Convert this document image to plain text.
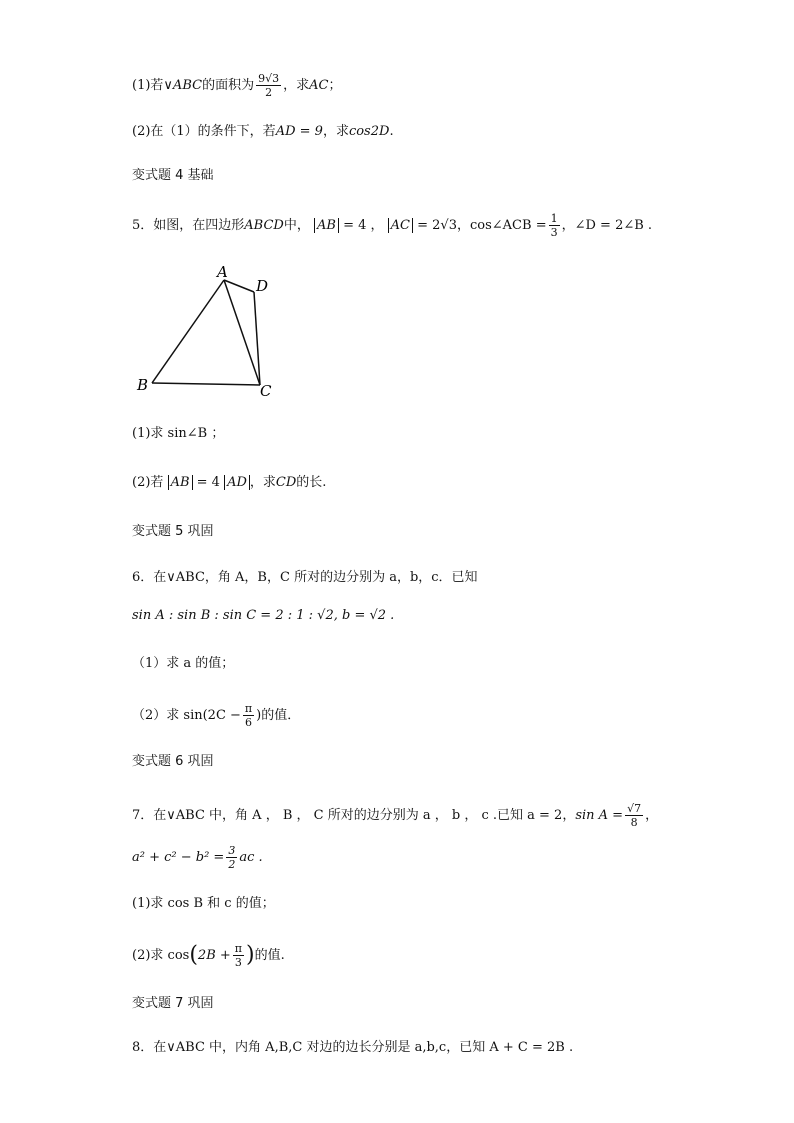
(1)若∨ABC的面积为 $\frac{9√3}{2}$ ，求AC；
(2)在（1）的条件下，若AD = 9，求cos2D.
变式题 4 基础
5．如图，在四边形ABCD中， AB = 4 ， AC = 2√3，cos∠ACB = $\frac{1}{3}$ ，∠D = 2∠B .
A
B	C
D
(1)求 sin∠B ；
(2)若 AB = 4 AD ，求CD的长.
变式题 5 巩固
6．在∨ABC，角 A，B，C 所对的边分别为 a，b，c．已知
sin A : sin B : sin C = 2 : 1 : √2, b = √2 .
（1）求 a 的值；
（2）求 $\sin(2C - \frac{\pi}{6}$ )的值．
变式题 6 巩固
7．在∨ABC 中，角 A ， B ， C 所对的边分别为 a ， b ， c .已知 a = 2，$\sin A = \frac{√7}{8}$ ，
$a^2 + c^2 - b^2 = \frac{3}{2}$ ac .
(1)求 cos B 和 c 的值；
(2)求 $\cos(2B + \frac{\pi}{3}$ )的值.
变式题 7 巩固
8．在∨ABC 中，内角 A,B,C 对边的边长分别是 a,b,c，已知 A + C = 2B .
